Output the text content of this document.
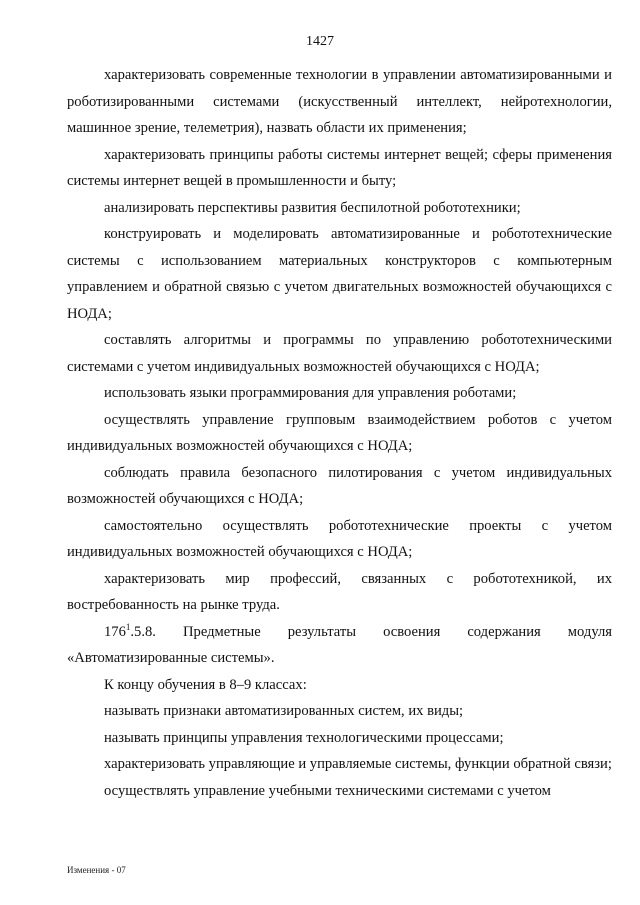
1427

характеризовать современные технологии в управлении автоматизированными и роботизированными системами (искусственный интеллект, нейротехнологии, машинное зрение, телеметрия), назвать области их применения;

характеризовать принципы работы системы интернет вещей; сферы применения системы интернет вещей в промышленности и быту;

анализировать перспективы развития беспилотной робототехники;

конструировать и моделировать автоматизированные и робототехнические системы с использованием материальных конструкторов с компьютерным управлением и обратной связью с учетом двигательных возможностей обучающихся с НОДА;

составлять алгоритмы и программы по управлению робототехническими системами с учетом индивидуальных возможностей обучающихся с НОДА;

использовать языки программирования для управления роботами;

осуществлять управление групповым взаимодействием роботов с учетом индивидуальных возможностей обучающихся с НОДА;

соблюдать правила безопасного пилотирования с учетом индивидуальных возможностей обучающихся с НОДА;

самостоятельно осуществлять робототехнические проекты с учетом индивидуальных возможностей обучающихся с НОДА;

характеризовать мир профессий, связанных с робототехникой, их востребованность на рынке труда.

$176^1.5.8$. Предметные результаты освоения содержания модуля «Автоматизированные системы».

К концу обучения в 8–9 классах:

называть признаки автоматизированных систем, их виды;

называть принципы управления технологическими процессами;

характеризовать управляющие и управляемые системы, функции обратной связи;

осуществлять управление учебными техническими системами с учетом

Изменения - 07
